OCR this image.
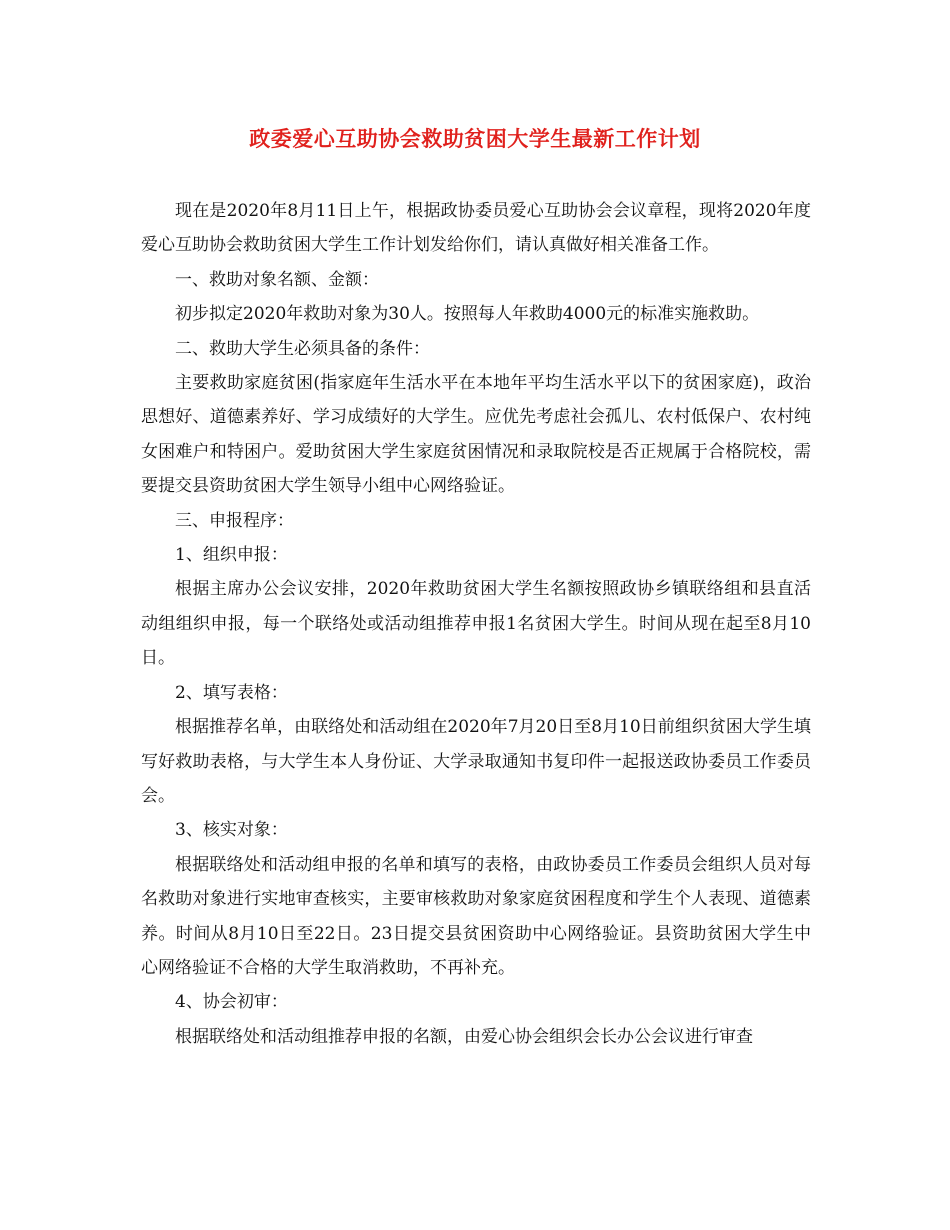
政委爱心互助协会救助贫困大学生最新工作计划

现在是2020年8月11日上午，根据政协委员爱心互助协会会议章程，现将2020年度爱心互助协会救助贫困大学生工作计划发给你们，请认真做好相关准备工作。

一、救助对象名额、金额：

初步拟定2020年救助对象为30人。按照每人年救助4000元的标准实施救助。

二、救助大学生必须具备的条件：

主要救助家庭贫困(指家庭年生活水平在本地年平均生活水平以下的贫困家庭)，政治思想好、道德素养好、学习成绩好的大学生。应优先考虑社会孤儿、农村低保户、农村纯女困难户和特困户。爱助贫困大学生家庭贫困情况和录取院校是否正规属于合格院校，需要提交县资助贫困大学生领导小组中心网络验证。

三、申报程序：

1、组织申报：

根据主席办公会议安排，2020年救助贫困大学生名额按照政协乡镇联络组和县直活动组组织申报，每一个联络处或活动组推荐申报1名贫困大学生。时间从现在起至8月10日。

2、填写表格：

根据推荐名单，由联络处和活动组在2020年7月20日至8月10日前组织贫困大学生填写好救助表格，与大学生本人身份证、大学录取通知书复印件一起报送政协委员工作委员会。

3、核实对象：

根据联络处和活动组申报的名单和填写的表格，由政协委员工作委员会组织人员对每名救助对象进行实地审查核实，主要审核救助对象家庭贫困程度和学生个人表现、道德素养。时间从8月10日至22日。23日提交县贫困资助中心网络验证。县资助贫困大学生中心网络验证不合格的大学生取消救助，不再补充。

4、协会初审：

根据联络处和活动组推荐申报的名额，由爱心协会组织会长办公会议进行审查
